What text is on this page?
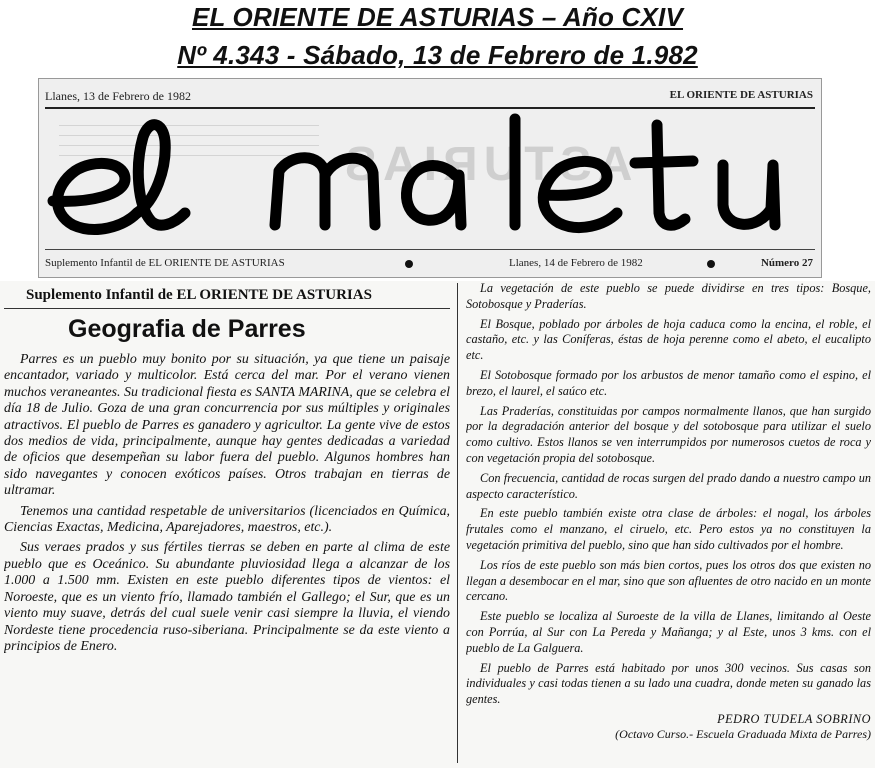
EL ORIENTE DE ASTURIAS – Año CXIV
Nº 4.343 - Sábado, 13 de Febrero de 1.982
Llanes, 13 de Febrero de 1982	EL ORIENTE DE ASTURIAS
ASTURIAS
Suplemento Infantil de EL ORIENTE DE ASTURIAS	Llanes, 14 de Febrero de 1982	Número 27
Suplemento Infantil de EL ORIENTE DE ASTURIAS
Geografia de Parres

Parres es un pueblo muy bonito por su situación, ya que tiene un paisaje encantador, variado y multicolor. Está cerca del mar. Por el verano vienen muchos veraneantes. Su tradicional fiesta es SANTA MARINA, que se celebra el día 18 de Julio. Goza de una gran concurrencia por sus múltiples y originales atractivos. El pueblo de Parres es ganadero y agricultor. La gente vive de estos dos medios de vida, principalmente, aunque hay gentes dedicadas a variedad de oficios que desempeñan su labor fuera del pueblo. Algunos hombres han sido navegantes y conocen exóticos países. Otros trabajan en tierras de ultramar.

Tenemos una cantidad respetable de universitarios (licenciados en Química, Ciencias Exactas, Medicina, Aparejadores, maestros, etc.).

Sus veraes prados y sus fértiles tierras se deben en parte al clima de este pueblo que es Oceánico. Su abundante pluviosidad llega a alcanzar de los 1.000 a 1.500 mm. Existen en este pueblo diferentes tipos de vientos: el Noroeste, que es un viento frío, llamado también el Gallego; el Sur, que es un viento muy suave, detrás del cual suele venir casi siempre la lluvia, el viendo Nordeste tiene procedencia ruso-siberiana. Principalmente se da este viento a principios de Enero.

La vegetación de este pueblo se puede dividirse en tres tipos: Bosque, Sotobosque y Praderías.

El Bosque, poblado por árboles de hoja caduca como la encina, el roble, el castaño, etc. y las Coníferas, éstas de hoja perenne como el abeto, el eucalipto etc.

El Sotobosque formado por los arbustos de menor tamaño como el espino, el brezo, el laurel, el saúco etc.

Las Praderías, constituidas por campos normalmente llanos, que han surgido por la degradación anterior del bosque y del sotobosque para utilizar el suelo como cultivo. Estos llanos se ven interrumpidos por numerosos cuetos de roca y con vegetación propia del sotobosque.

Con frecuencia, cantidad de rocas surgen del prado dando a nuestro campo un aspecto característico.

En este pueblo también existe otra clase de árboles: el nogal, los árboles frutales como el manzano, el ciruelo, etc. Pero estos ya no constituyen la vegetación primitiva del pueblo, sino que han sido cultivados por el hombre.

Los ríos de este pueblo son más bien cortos, pues los otros dos que existen no llegan a desembocar en el mar, sino que son afluentes de otro nacido en un monte cercano.

Este pueblo se localiza al Suroeste de la villa de Llanes, limitando al Oeste con Porrúa, al Sur con La Pereda y Mañanga; y al Este, unos 3 kms. con el pueblo de La Galguera.

El pueblo de Parres está habitado por unos 300 vecinos. Sus casas son individuales y casi todas tienen a su lado una cuadra, donde meten su ganado las gentes.

PEDRO TUDELA SOBRINO
(Octavo Curso.- Escuela Graduada Mixta de Parres)
